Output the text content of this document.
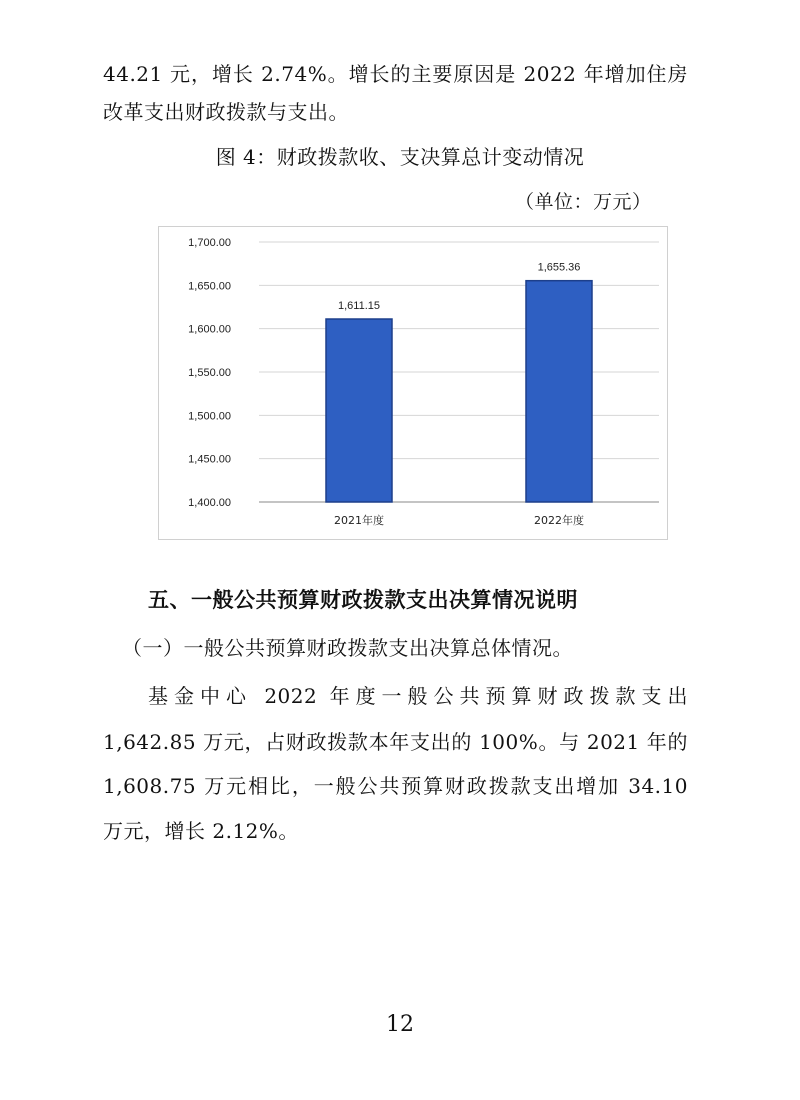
44.21 元，增长 2.74%。增长的主要原因是 2022 年增加住房
改革支出财政拨款与支出。
图 4：财政拨款收、支决算总计变动情况
（单位：万元）
1,400.00
1,450.00
1,500.00
1,550.00
1,600.00
1,650.00
1,700.00
1,611.15
2021年度
1,655.36
2022年度
五、一般公共预算财政拨款支出决算情况说明
（一）一般公共预算财政拨款支出决算总体情况。
基金中心 2022 年度一般公共预算财政拨款支出
1,642.85 万元，占财政拨款本年支出的 100%。与 2021 年的
1,608.75 万元相比，一般公共预算财政拨款支出增加 34.10
万元，增长 2.12%。
12
